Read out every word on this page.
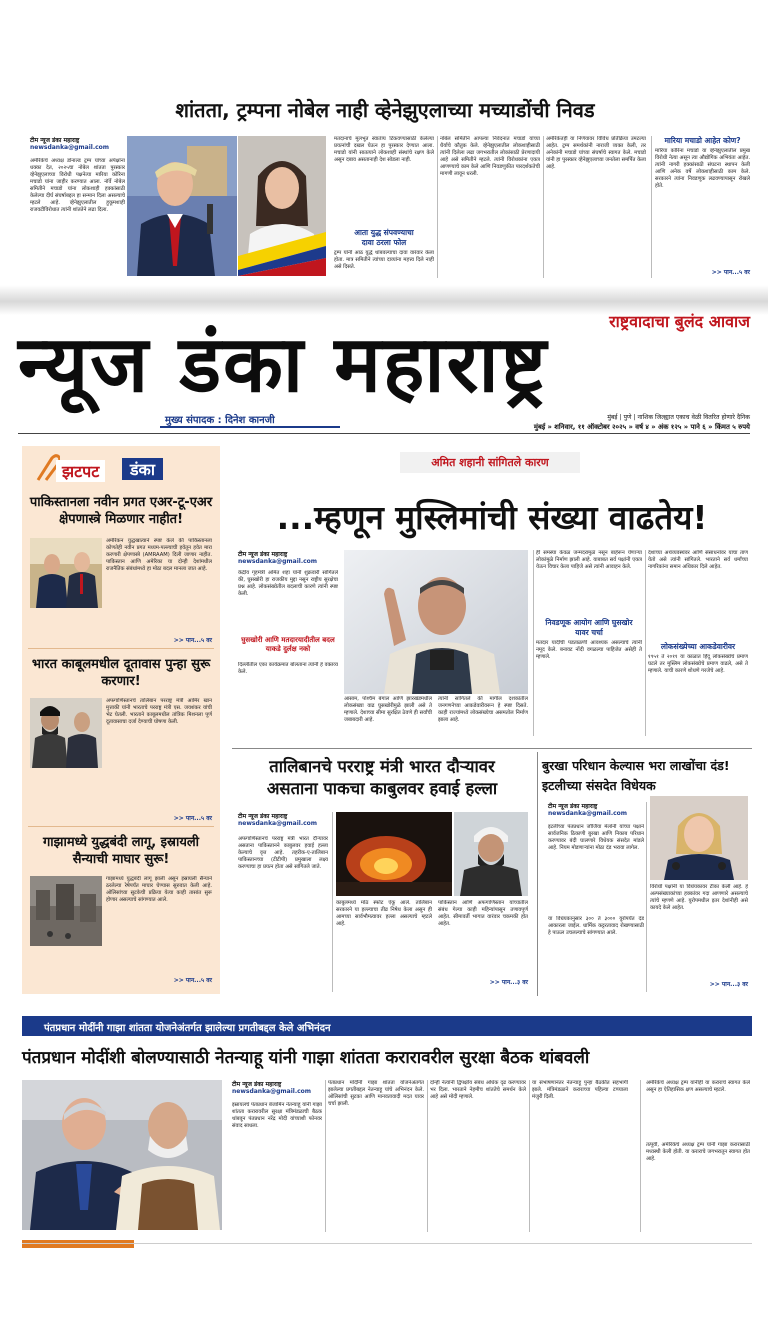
शांतता, ट्रम्पना नोबेल नाही व्हेनेझुएलाच्या मच्याडोंची निवड
टीम न्यूज डंका महाराष्ट्र
newsdanka@gmail.com
अमेरिकेचे अध्यक्ष डोनाल्ड ट्रम्प यांच्या अपेक्षांना धक्का देत, २०२५चा नोबेल शांतता पुरस्कार व्हेनेझुएलाच्या विरोधी पक्षनेत्या मारिया कोरिना मचाडो यांना जाहीर करण्यात आला. नॉर्वे नोबेल समितीने मचाडो यांना लोकशाही हक्कांसाठी केलेल्या दीर्घ संघर्षाबद्दल हा सन्मान दिला असल्याचे म्हटले आहे. व्हेनेझुएलातील हुकूमशाही राजवटीविरोधात त्यांनी शांततेने लढा दिला.
मतदानाचे मूलभूत स्वातंत्र्य टिकवण्यासाठी केलेल्या प्रयत्नांची दखल घेऊन हा पुरस्कार देण्यात आला. मचाडो यांनी सातत्याने लोकशाही संस्थांचे रक्षण केले असून दबाव असतानाही देश सोडला नाही.
आता युद्ध संपवण्याचा
दावा ठरला फोल
ट्रम्प यांनी आठ युद्धे थांबवल्याचा दावा वारंवार केला होता. मात्र समितीने त्यांच्या दाव्यांना महत्त्व दिले नाही असे दिसते.
नोबेल समितीने आपल्या निवेदनात मचाडो यांच्या धैर्याचे कौतुक केले. व्हेनेझुएलातील लोकशाहीसाठी त्यांनी दिलेला लढा जगभरातील लोकांसाठी प्रेरणादायी आहे असे समितीने म्हटले. त्यांनी विरोधकांना एकत्र आणण्याचे काम केले आणि निवडणुकीत पारदर्शकतेची मागणी लावून धरली.
अमेरिकेतही या निर्णयावर विविध प्रतिक्रिया उमटल्या आहेत. ट्रम्प समर्थकांनी नाराजी व्यक्त केली, तर अनेकांनी मचाडो यांच्या संघर्षाचे स्वागत केले. मचाडो यांनी हा पुरस्कार व्हेनेझुएलाच्या जनतेला समर्पित केला आहे.
मारिया मचाडो आहेत कोण?
मारिया कोरिना मचाडो या व्हेनेझुएलातील प्रमुख विरोधी नेत्या असून त्या औद्योगिक अभियंता आहेत. त्यांनी नागरी हक्कांसाठी संघटना स्थापन केली आणि अनेक वर्षे लोकशाहीसाठी काम केले. सरकारने त्यांना निवडणूक लढवण्यापासून रोखले होते.
>> पान...५ वर
राष्ट्रवादाचा बुलंद आवाज
न्यूज डंका महाराष्ट्र
मुख्य संपादक : दिनेश कानजी	मुंबई | पुणे | नाशिक जिल्ह्यात एकाच वेळी वितरित होणारे दैनिक
मुंबई » शनिवार, ११ ऑक्टोबर २०२५ » वर्ष ४ » अंक १२५ » पाने ६ » किंमत ५ रुपये
झटपट	डंका
पाकिस्तानला नवीन प्रगत एअर-टू-एअर क्षेपणास्त्रे मिळणार नाहीत!
अमेरिकन युद्धखात्याने स्पष्ट केले की पाकिस्तानला कोणतेही नवीन प्रगत मध्यम-पल्ल्याची हवेतून हवेत मारा करणारी क्षेपणास्त्रे (AMRAAM) दिली जाणार नाहीत. पाकिस्तान आणि अमेरिका या दोन्ही देशांमधील राजनैतिक संबंधांमध्ये हा मोठा बदल मानला जात आहे.
>> पान...५ वर
भारत काबूलमधील दूतावास पुन्हा सुरू करणार!
अफगाणिस्तानचे तालिबान परराष्ट्र मंत्री आमिर खान मुत्ताकी यांनी भारताचे परराष्ट्र मंत्री एस. जयशंकर यांची भेट घेतली. भारताने काबूलमधील तांत्रिक मिशनला पूर्ण दूतावासाचा दर्जा देण्याची घोषणा केली.
>> पान...५ वर
गाझामध्ये युद्धबंदी लागू, इस्रायली सैन्याची माघार सुरू!
गाझामध्ये युद्धबंदी लागू झाली असून इस्रायली सैन्याने ठरलेल्या रेषेपर्यंत माघार घेण्यास सुरुवात केली आहे. ओलिसांच्या सुटकेची प्रक्रिया येत्या काही तासांत सुरू होणार असल्याचे सांगण्यात आले.
>> पान...५ वर
अमित शहानी सांगितले कारण
...म्हणून मुस्लिमांची संख्या वाढतेय!
टीम न्यूज डंका महाराष्ट्र
newsdanka@gmail.com
केंद्रीय गृहमंत्री अमित शहा यांनी शुक्रवारी सांगितले की, घुसखोरी हा राजकीय मुद्दा नसून राष्ट्रीय सुरक्षेचा प्रश्न आहे. लोकसंख्येतील बदलाची कारणे त्यांनी स्पष्ट केली.
घुसखोरी आणि मतदारयादीतील बदल याकडे दुर्लक्ष नको
दिल्लीतील एका कार्यक्रमात बोलताना त्यांनी हे वक्तव्य केले.
आसाम, पश्चिम बंगाल आणि झारखंडमधील लोकसंख्या वाढ घुसखोरीमुळे झाली असे ते म्हणाले. देशाच्या सीमा सुरक्षित ठेवणे ही सर्वांची जबाबदारी आहे.
त्यांनी सांगितले की मागील दशकांतील जनगणनेच्या आकडेवारीवरून हे स्पष्ट दिसते. काही राज्यांमध्ये लोकसंख्येचा असमतोल निर्माण झाला आहे.
ही समस्या केवळ जन्मदरामुळे नसून बाहेरून येणाऱ्या लोकांमुळे निर्माण झाली आहे. याबाबत सर्व पक्षांनी एकत्र येऊन विचार केला पाहिजे असे त्यांनी आवाहन केले.
निवडणूक आयोग आणि घुसखोर
यावर चर्चा
मतदार यादीची पडताळणी आवश्यक असल्याचे त्यांनी नमूद केले. बनावट नोंदी वगळल्या पाहिजेत असेही ते म्हणाले.
देशाच्या अर्थव्यवस्थेवर आणि संसाधनांवर याचा ताण येतो असे त्यांनी सांगितले. भारताने सर्व धर्मांच्या नागरिकांना समान अधिकार दिले आहेत.
लोकसंख्येच्या आकडेवारीवर
१९५१ ते २०११ या काळात हिंदू लोकसंख्येचे प्रमाण घटले तर मुस्लिम लोकसंख्येचे प्रमाण वाढले, असे ते म्हणाले. याची कारणे शोधणे गरजेचे आहे.
तालिबानचे परराष्ट्र मंत्री भारत दौऱ्यावर
असताना पाकचा काबुलवर हवाई हल्ला
टीम न्यूज डंका महाराष्ट्र
newsdanka@gmail.com
अफगाणिस्तानचे परराष्ट्र मंत्री भारत दौऱ्यावर असताना पाकिस्तानने काबुलवर हवाई हल्ला केल्याचे वृत्त आहे. तहरीक-ए-तालिबान पाकिस्तानच्या (टीटीपी) प्रमुखाला लक्ष्य करण्याचा हा प्रयत्न होता असे सांगितले जाते.
काबुलमध्ये मोठे स्फोट ऐकू आले. तालिबान सरकारने या हल्ल्याचा तीव्र निषेध केला असून ही आमच्या सार्वभौमत्वावर हल्ला असल्याचे म्हटले आहे.
पाकिस्तान आणि अफगाणिस्तान यांच्यातील संबंध गेल्या काही महिन्यांपासून तणावपूर्ण आहेत. सीमावर्ती भागात वारंवार चकमकी होत आहेत.
>> पान...३ वर
बुरखा परिधान केल्यास भरा लाखोंचा दंड! इटलीच्या संसदेत विधेयक
टीम न्यूज डंका महाराष्ट्र
newsdanka@gmail.com
इटलीच्या पंतप्रधान जॉर्जिया मेलोनी यांच्या पक्षाने सार्वजनिक ठिकाणी बुरखा आणि निकाब परिधान करण्यावर बंदी घालणारे विधेयक संसदेत मांडले आहे. नियम मोडणाऱ्यांना मोठा दंड भरावा लागेल.
या विधेयकानुसार ३०० ते ३००० युरोपर्यंत दंड आकारला जाईल. धार्मिक कट्टरतावाद रोखण्यासाठी हे पाऊल उचलल्याचे सांगण्यात आले.
विरोधी पक्षांनी या विधेयकावर टीका केली आहे. हे अल्पसंख्याकांच्या हक्कांवर गदा आणणारे असल्याचे त्यांचे म्हणणे आहे. युरोपमधील इतर देशांनीही असे कायदे केले आहेत.
>> पान...३ वर
पंतप्रधान मोदींनी गाझा शांतता योजनेअंतर्गत झालेल्या प्रगतीबद्दल केले अभिनंदन
पंतप्रधान मोदींशी बोलण्यासाठी नेतन्याहू यांनी गाझा शांतता करारावरील सुरक्षा बैठक थांबवली
टीम न्यूज डंका महाराष्ट्र
newsdanka@gmail.com
इस्रायलचे पंतप्रधान बेंजामिन नेतन्याहू यांनी गाझा शांतता करारावरील सुरक्षा मंत्रिमंडळाची बैठक थांबवून पंतप्रधान नरेंद्र मोदी यांच्याशी फोनवर संवाद साधला.
पंतप्रधान मोदींनी गाझा शांतता योजनेअंतर्गत झालेल्या प्रगतीबद्दल नेतन्याहू यांचे अभिनंदन केले. ओलिसांची सुटका आणि मानवतावादी मदत यावर चर्चा झाली.
दोन्ही नेत्यांनी द्विपक्षीय संबंध अधिक दृढ करण्यावर भर दिला. भारताने नेहमीच शांततेचे समर्थन केले आहे असे मोदी म्हणाले.
या संभाषणानंतर नेतन्याहू पुन्हा बैठकीत सहभागी झाले. मंत्रिमंडळाने कराराच्या पहिल्या टप्प्याला मंजुरी दिली.
अमेरिकेचे अध्यक्ष ट्रम्प यांनीही या कराराचे स्वागत केले असून हा ऐतिहासिक क्षण असल्याचे म्हटले.
तत्पूर्वी, अमेरिकेचे अध्यक्ष ट्रम्प यांनी गाझा करारासाठी मध्यस्थी केली होती. या कराराचे जगभरातून स्वागत होत आहे.
